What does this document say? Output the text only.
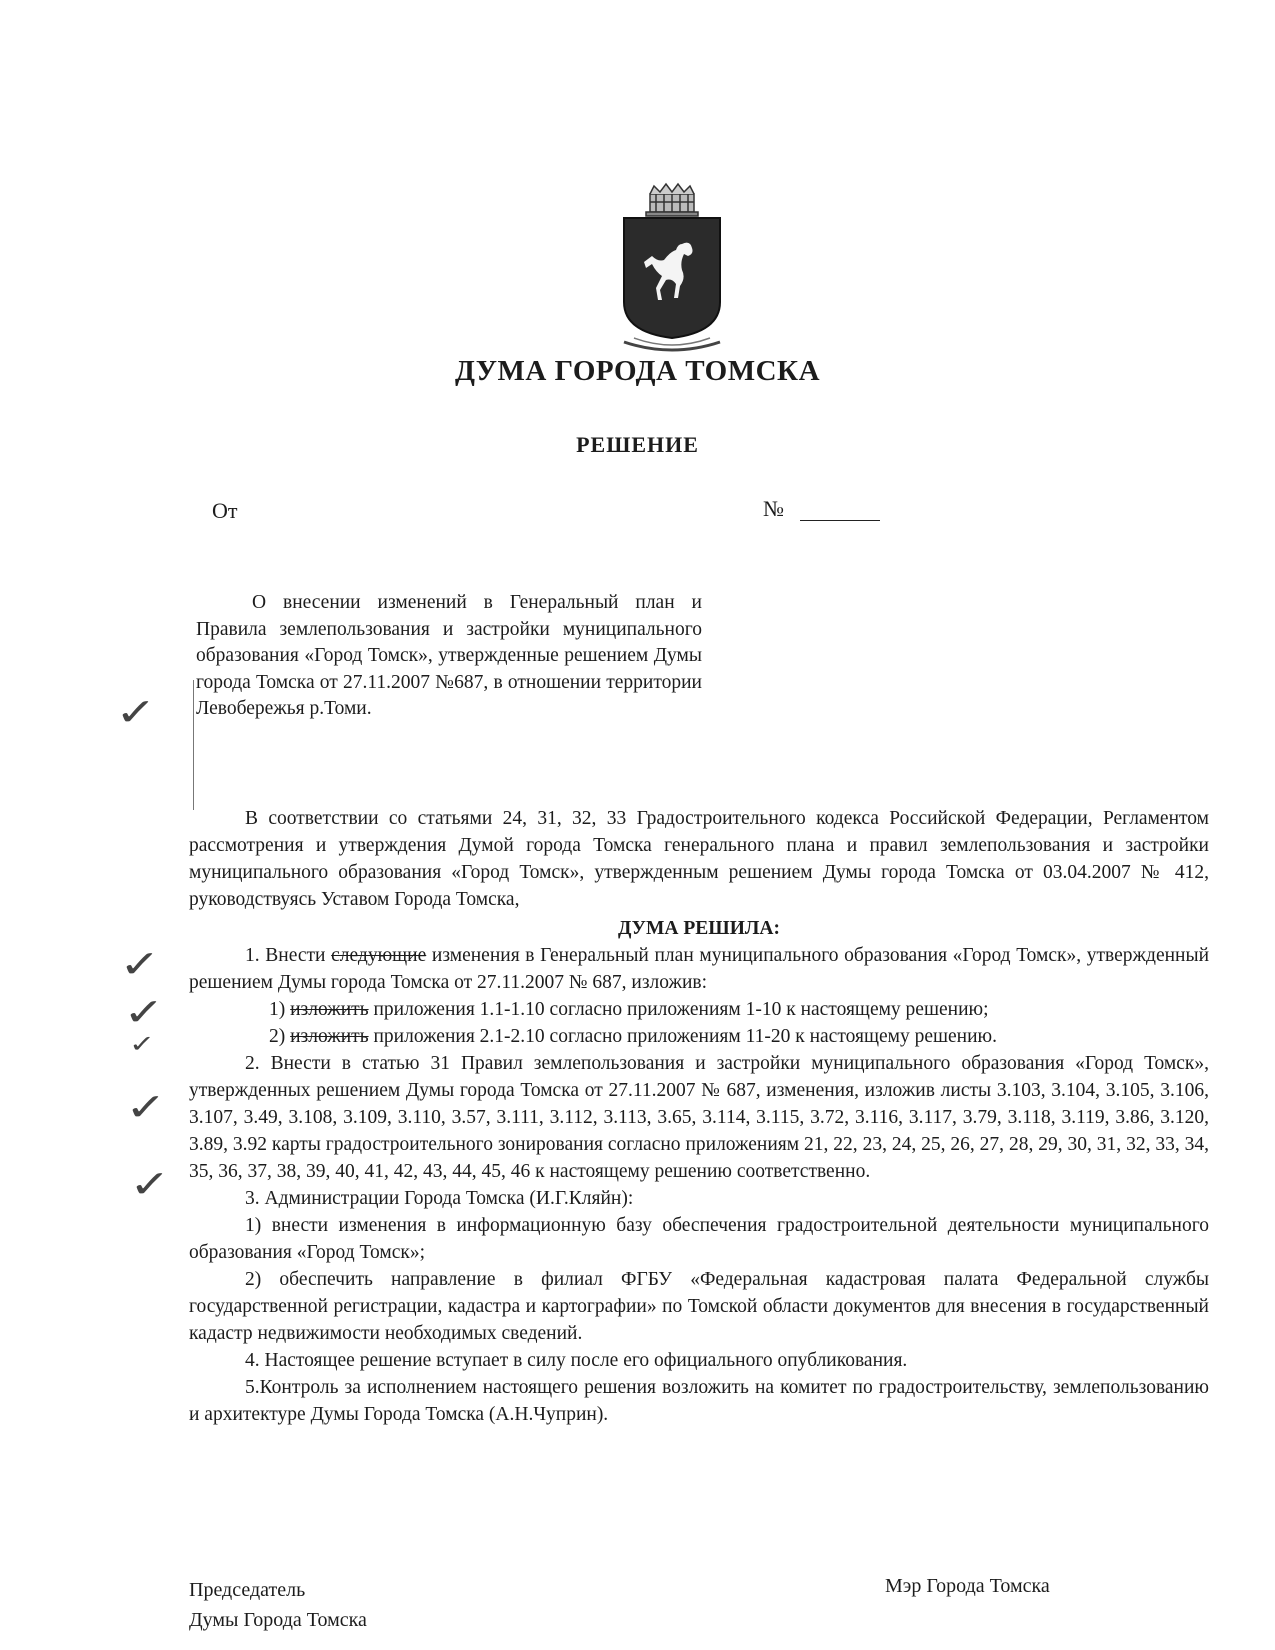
ДУМА ГОРОДА ТОМСКА
РЕШЕНИЕ
От	№

О внесении изменений в Генеральный план и Правила землепользования и застройки муниципального образования «Город Томск», утвержденные решением Думы города Томска от 27.11.2007 №687, в отношении территории Левобережья р.Томи.

В соответствии со статьями 24, 31, 32, 33 Градостроительного кодекса Российской Федерации, Регламентом рассмотрения и утверждения Думой города Томска генерального плана и правил землепользования и застройки муниципального образования «Город Томск», утвержденным решением Думы города Томска от 03.04.2007 № 412, руководствуясь Уставом Города Томска,

ДУМА РЕШИЛА:

1. Внести следующие изменения в Генеральный план муниципального образования «Город Томск», утвержденный решением Думы города Томска от 27.11.2007 № 687, изложив:

1) изложить приложения 1.1-1.10 согласно приложениям 1-10 к настоящему решению;

2) изложить приложения 2.1-2.10 согласно приложениям 11-20 к настоящему решению.

2. Внести в статью 31 Правил землепользования и застройки муниципального образования «Город Томск», утвержденных решением Думы города Томска от 27.11.2007 № 687, изменения, изложив листы 3.103, 3.104, 3.105, 3.106, 3.107, 3.49, 3.108, 3.109, 3.110, 3.57, 3.111, 3.112, 3.113, 3.65, 3.114, 3.115, 3.72, 3.116, 3.117, 3.79, 3.118, 3.119, 3.86, 3.120, 3.89, 3.92 карты градостроительного зонирования согласно приложениям 21, 22, 23, 24, 25, 26, 27, 28, 29, 30, 31, 32, 33, 34, 35, 36, 37, 38, 39, 40, 41, 42, 43, 44, 45, 46 к настоящему решению соответственно.

3. Администрации Города Томска (И.Г.Кляйн):

1) внести изменения в информационную базу обеспечения градостроительной деятельности муниципального образования «Город Томск»;

2) обеспечить направление в филиал ФГБУ «Федеральная кадастровая палата Федеральной службы государственной регистрации, кадастра и картографии» по Томской области документов для внесения в государственный кадастр недвижимости необходимых сведений.

4. Настоящее решение вступает в силу после его официального опубликования.

5.Контроль за исполнением настоящего решения возложить на комитет по градостроительству, землепользованию и архитектуре Думы Города Томска (А.Н.Чуприн).

✓
✓
✓
✓
✓
✓
Председатель
Думы Города Томска
Мэр Города Томска
